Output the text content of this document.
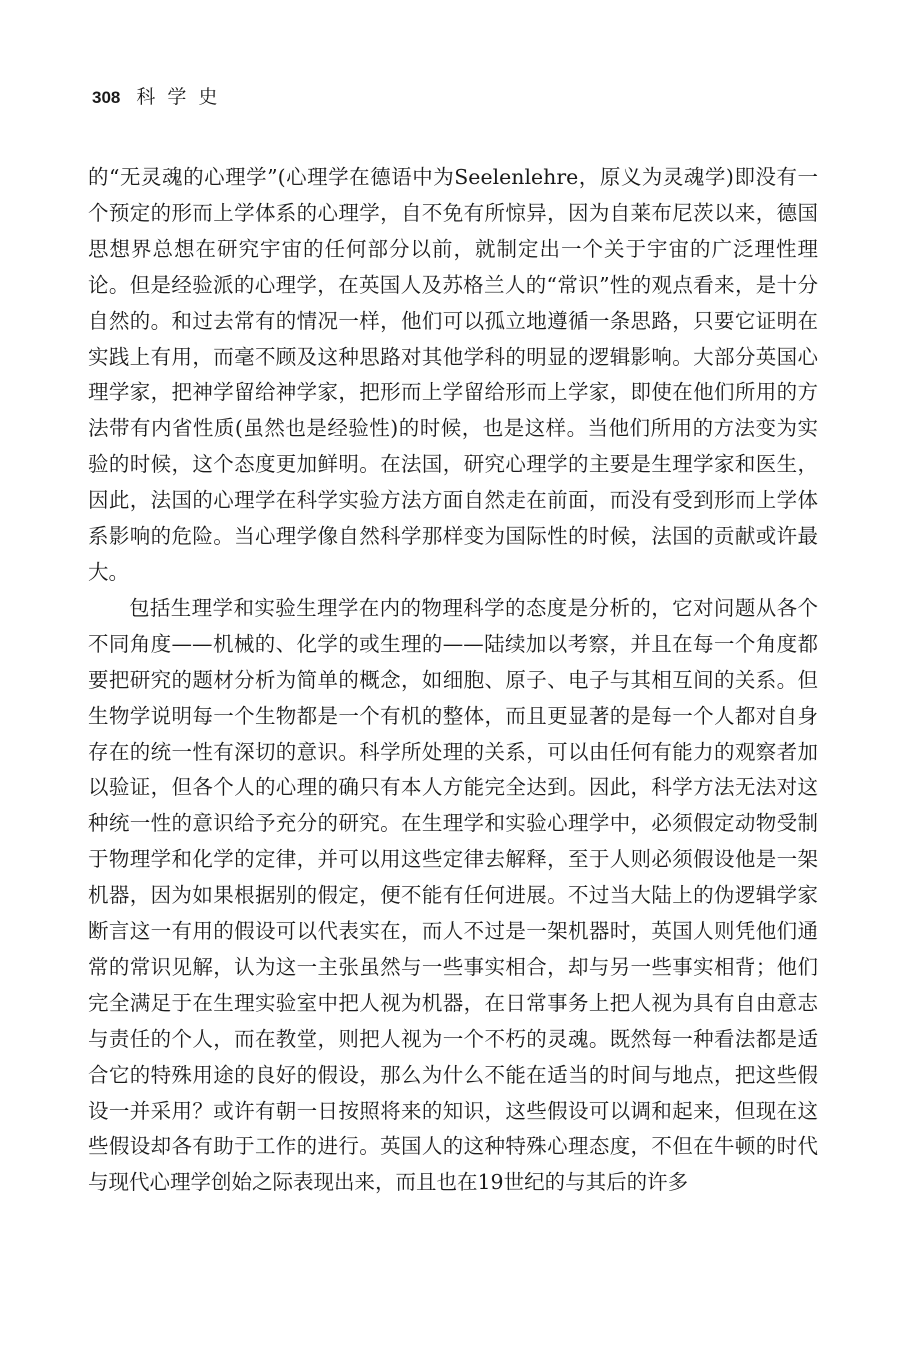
308 科学史

的“无灵魂的心理学”(心理学在德语中为Seelenlehre，原义为灵魂学)即没有一个预定的形而上学体系的心理学，自不免有所惊异，因为自莱布尼茨以来，德国思想界总想在研究宇宙的任何部分以前，就制定出一个关于宇宙的广泛理性理论。但是经验派的心理学，在英国人及苏格兰人的“常识”性的观点看来，是十分自然的。和过去常有的情况一样，他们可以孤立地遵循一条思路，只要它证明在实践上有用，而毫不顾及这种思路对其他学科的明显的逻辑影响。大部分英国心理学家，把神学留给神学家，把形而上学留给形而上学家，即使在他们所用的方法带有内省性质(虽然也是经验性)的时候，也是这样。当他们所用的方法变为实验的时候，这个态度更加鲜明。在法国，研究心理学的主要是生理学家和医生，因此，法国的心理学在科学实验方法方面自然走在前面，而没有受到形而上学体系影响的危险。当心理学像自然科学那样变为国际性的时候，法国的贡献或许最大。

包括生理学和实验生理学在内的物理科学的态度是分析的，它对问题从各个不同角度——机械的、化学的或生理的——陆续加以考察，并且在每一个角度都要把研究的题材分析为简单的概念，如细胞、原子、电子与其相互间的关系。但生物学说明每一个生物都是一个有机的整体，而且更显著的是每一个人都对自身存在的统一性有深切的意识。科学所处理的关系，可以由任何有能力的观察者加以验证，但各个人的心理的确只有本人方能完全达到。因此，科学方法无法对这种统一性的意识给予充分的研究。在生理学和实验心理学中，必须假定动物受制于物理学和化学的定律，并可以用这些定律去解释，至于人则必须假设他是一架机器，因为如果根据别的假定，便不能有任何进展。不过当大陆上的伪逻辑学家断言这一有用的假设可以代表实在，而人不过是一架机器时，英国人则凭他们通常的常识见解，认为这一主张虽然与一些事实相合，却与另一些事实相背；他们完全满足于在生理实验室中把人视为机器，在日常事务上把人视为具有自由意志与责任的个人，而在教堂，则把人视为一个不朽的灵魂。既然每一种看法都是适合它的特殊用途的良好的假设，那么为什么不能在适当的时间与地点，把这些假设一并采用？或许有朝一日按照将来的知识，这些假设可以调和起来，但现在这些假设却各有助于工作的进行。英国人的这种特殊心理态度，不但在牛顿的时代与现代心理学创始之际表现出来，而且也在19世纪的与其后的许多
